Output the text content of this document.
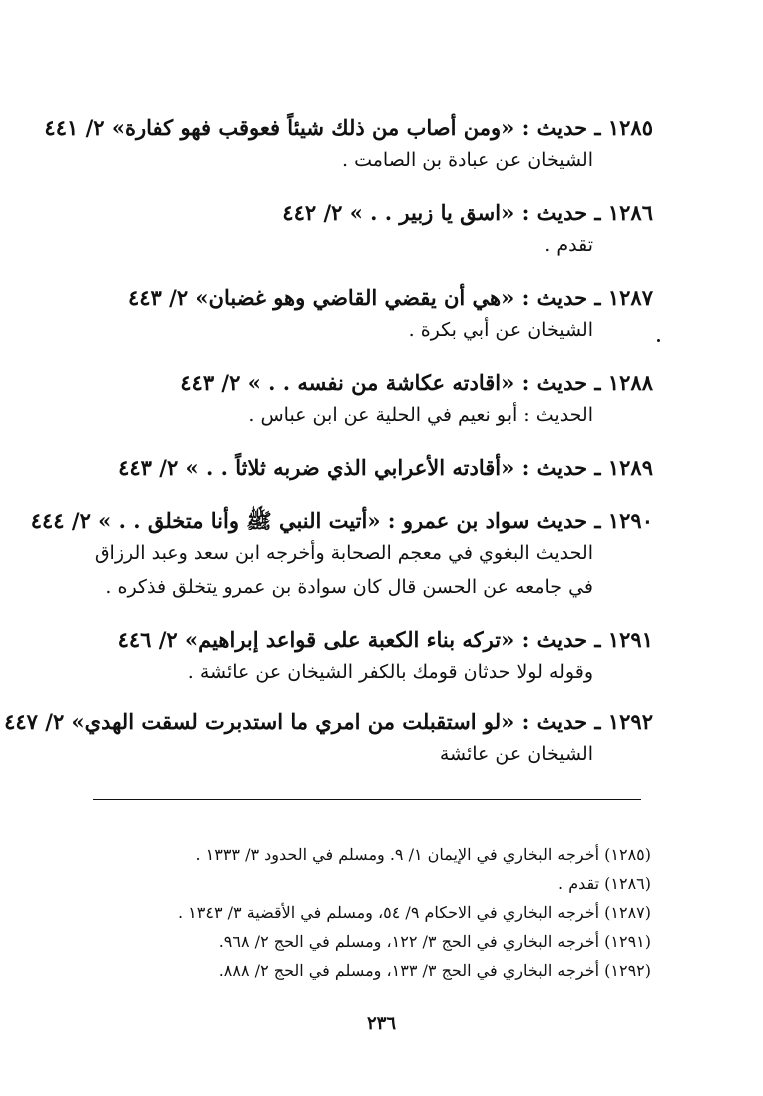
١٢٨٥ ـ حديث : «ومن أصاب من ذلك شيئاً فعوقب فهو كفارة» ٢/ ٤٤١
الشيخان عن عبادة بن الصامت .
١٢٨٦ ـ حديث : «اسق يا زبير . . » ٢/ ٤٤٢
تقدم .
١٢٨٧ ـ حديث : «هي أن يقضي القاضي وهو غضبان» ٢/ ٤٤٣
الشيخان عن أبي بكرة .
١٢٨٨ ـ حديث : «اقادته عكاشة من نفسه . . » ٢/ ٤٤٣
الحديث : أبو نعيم في الحلية عن ابن عباس .
١٢٨٩ ـ حديث : «أقادته الأعرابي الذي ضربه ثلاثاً . . » ٢/ ٤٤٣
١٢٩٠ ـ حديث سواد بن عمرو : «أتيت النبي ﷺ وأنا متخلق . . » ٢/ ٤٤٤
الحديث البغوي في معجم الصحابة وأخرجه ابن سعد وعبد الرزاق
في جامعه عن الحسن قال كان سوادة بن عمرو يتخلق فذكره .
١٢٩١ ـ حديث : «تركه بناء الكعبة على قواعد إبراهيم» ٢/ ٤٤٦
وقوله لولا حدثان قومك بالكفر الشيخان عن عائشة .
١٢٩٢ ـ حديث : «لو استقبلت من امري ما استدبرت لسقت الهدي» ٢/ ٤٤٧
الشيخان عن عائشة
(١٢٨٥) أخرجه البخاري في الإيمان ١/ ٩. ومسلم في الحدود ٣/ ١٣٣٣ .
(١٢٨٦) تقدم .
(١٢٨٧) أخرجه البخاري في الاحكام ٩/ ٥٤، ومسلم في الأقضية ٣/ ١٣٤٣ .
(١٢٩١) أخرجه البخاري في الحج ٣/ ١٢٢، ومسلم في الحج ٢/ ٩٦٨.
(١٢٩٢) أخرجه البخاري في الحج ٣/ ١٣٣، ومسلم في الحج ٢/ ٨٨٨.
٢٣٦
